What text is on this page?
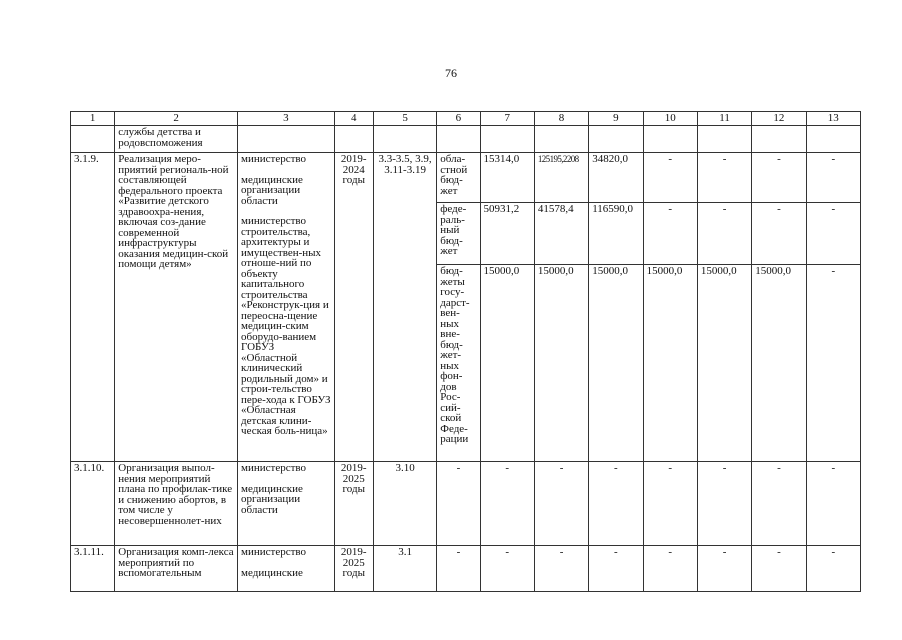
76
1	2	3	4	5	6	7	8	9	10	11	12	13
	службы детства и родовспоможения											
3.1.9.	Реализация меро-приятий региональ-ной составляющей федерального проекта «Развитие детского здравоохра-нения, включая соз-дание современной инфраструктуры оказания медицин-ской помощи детям»	министерство
медицинские организации области
министерство строительства, архитектуры и имуществен-ных отноше-ний по объекту капитального строительства «Реконструк-ция и переосна-щение медицин-ским оборудо-ванием ГОБУЗ «Областной клинический родильный дом» и строи-тельство пере-хода к ГОБУЗ «Областная детская клини-ческая боль-ница»	2019-2024 годы	3.3-3.5, 3.9, 3.11-3.19	обла-стной бюд-жет	15314,0	125195,2208	34820,0	-	-	-	-
					феде-раль-ный бюд-жет	50931,2	41578,4	116590,0	-	-	-	-
					бюд-жеты госу-дарст-вен-ных вне-бюд-жет-ных фон-дов Рос-сий-ской Феде-рации	15000,0	15000,0	15000,0	15000,0	15000,0	15000,0	-
3.1.10.	Организация выпол-нения мероприятий плана по профилак-тике и снижению абортов, в том числе у несовершеннолет-них	министерство
медицинские организации области	2019-2025 годы	3.10	-	-	-	-	-	-	-	-
3.1.11.	Организация комп-лекса мероприятий по вспомогательным	министерство
медицинские	2019-2025 годы	3.1	-	-	-	-	-	-	-	-
